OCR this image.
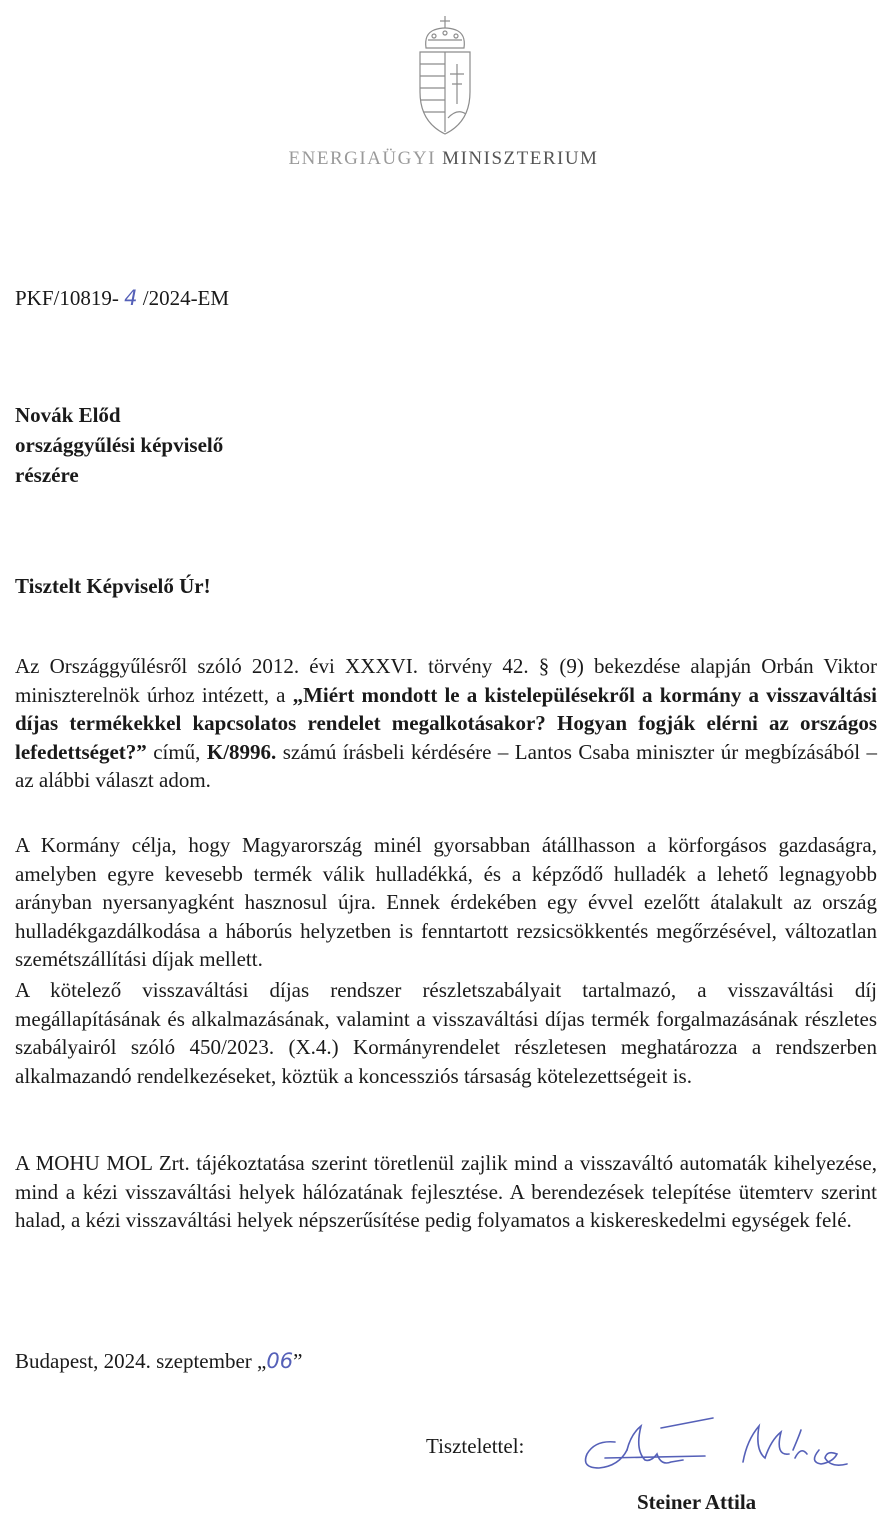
ENERGIAÜGYI MINISZTERIUM
PKF/10819- 4 /2024-EM
Novák Előd
országgyűlési képviselő
részére
Tisztelt Képviselő Úr!

Az Országgyűlésről szóló 2012. évi XXXVI. törvény 42. § (9) bekezdése alapján Orbán Viktor miniszterelnök úrhoz intézett, a „Miért mondott le a kistelepülésekről a kormány a visszaváltási díjas termékekkel kapcsolatos rendelet megalkotásakor? Hogyan fogják elérni az országos lefedettséget?” című, K/8996. számú írásbeli kérdésére – Lantos Csaba miniszter úr megbízásából – az alábbi választ adom.

A Kormány célja, hogy Magyarország minél gyorsabban átállhasson a körforgásos gazdaságra, amelyben egyre kevesebb termék válik hulladékká, és a képződő hulladék a lehető legnagyobb arányban nyersanyagként hasznosul újra. Ennek érdekében egy évvel ezelőtt átalakult az ország hulladékgazdálkodása a háborús helyzetben is fenntartott rezsicsökkentés megőrzésével, változatlan szemétszállítási díjak mellett.

A kötelező visszaváltási díjas rendszer részletszabályait tartalmazó, a visszaváltási díj megállapításának és alkalmazásának, valamint a visszaváltási díjas termék forgalmazásának részletes szabályairól szóló 450/2023. (X.4.) Kormányrendelet részletesen meghatározza a rendszerben alkalmazandó rendelkezéseket, köztük a koncessziós társaság kötelezettségeit is.

A MOHU MOL Zrt. tájékoztatása szerint töretlenül zajlik mind a visszaváltó automaták kihelyezése, mind a kézi visszaváltási helyek hálózatának fejlesztése. A berendezések telepítése ütemterv szerint halad, a kézi visszaváltási helyek népszerűsítése pedig folyamatos a kiskereskedelmi egységek felé.

Budapest, 2024. szeptember „06”
Tisztelettel:
Steiner Attila
